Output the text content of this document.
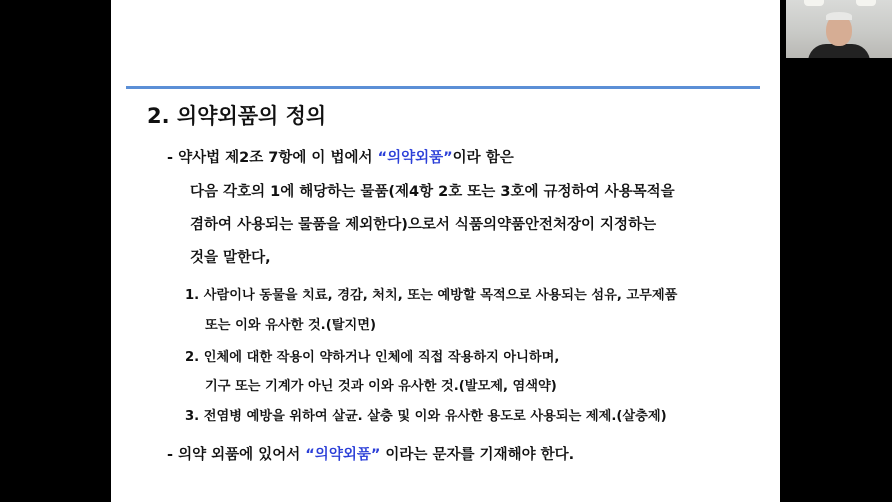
2. 의약외품의 정의
- 약사법 제2조 7항에 이 법에서 “의약외품”이라 함은
다음 각호의 1에 해당하는 물품(제4항 2호 또는 3호에 규정하여 사용목적을
겸하여 사용되는 물품을 제외한다)으로서 식품의약품안전처장이 지정하는
것을 말한다,
1. 사람이나 동물을 치료, 경감, 처치, 또는 예방할 목적으로 사용되는 섬유, 고무제품
또는 이와 유사한 것.(탈지면)
2. 인체에 대한 작용이 약하거나 인체에 직접 작용하지 아니하며,
기구 또는 기계가 아닌 것과 이와 유사한 것.(발모제, 염색약)
3. 전염병 예방을 위하여 살균. 살충 및 이와 유사한 용도로 사용되는 제제.(살충제)
- 의약 외품에 있어서 “의약외품” 이라는 문자를 기재해야 한다.
